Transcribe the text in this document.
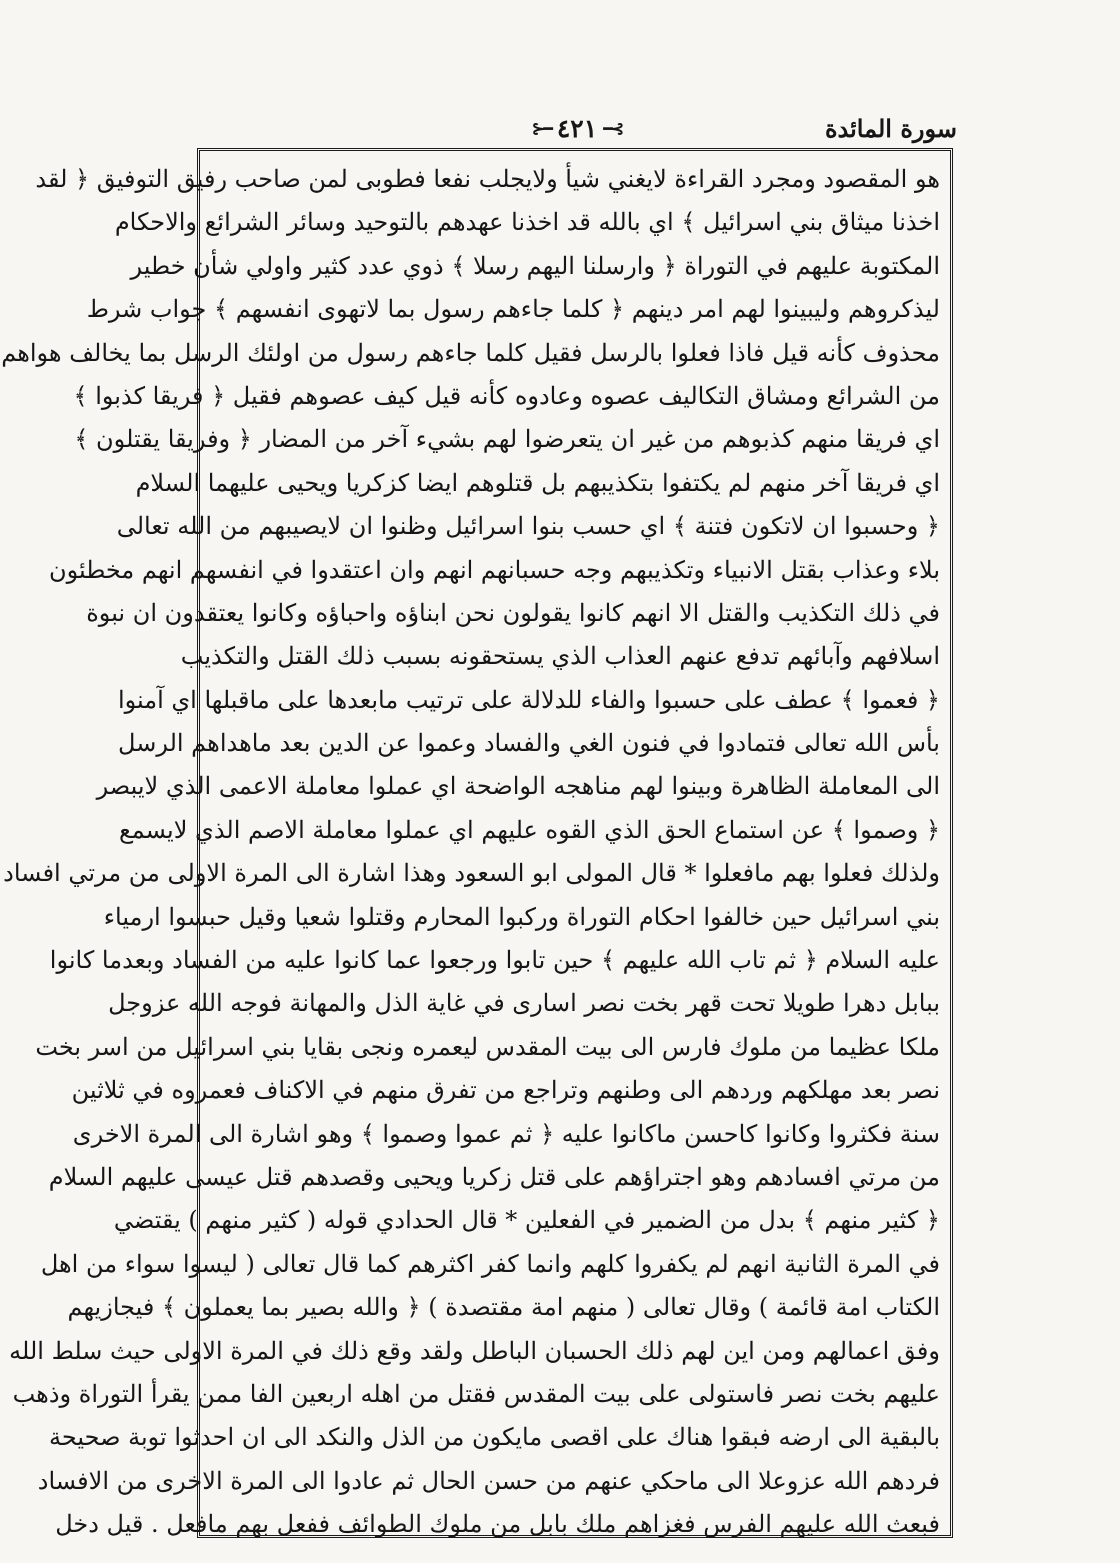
سورة المائدة
⊱━ ٤٢١ ━⊰
هو المقصود ومجرد القراءة لايغني شيأ ولايجلب نفعا فطوبى لمن صاحب رفيق التوفيق ﴿ لقد
اخذنا ميثاق بني اسرائيل ﴾ اي بالله قد اخذنا عهدهم بالتوحيد وسائر الشرائع والاحكام
المكتوبة عليهم في التوراة ﴿ وارسلنا اليهم رسلا ﴾ ذوي عدد كثير واولي شأن خطير
ليذكروهم وليبينوا لهم امر دينهم ﴿ كلما جاءهم رسول بما لاتهوى انفسهم ﴾ جواب شرط
محذوف كأنه قيل فاذا فعلوا بالرسل فقيل كلما جاءهم رسول من اولئك الرسل بما يخالف هواهم
من الشرائع ومشاق التكاليف عصوه وعادوه كأنه قيل كيف عصوهم فقيل ﴿ فريقا كذبوا ﴾
اي فريقا منهم كذبوهم من غير ان يتعرضوا لهم بشيء آخر من المضار ﴿ وفريقا يقتلون ﴾
اي فريقا آخر منهم لم يكتفوا بتكذيبهم بل قتلوهم ايضا كزكريا ويحيى عليهما السلام
﴿ وحسبوا ان لاتكون فتنة ﴾ اي حسب بنوا اسرائيل وظنوا ان لايصيبهم من الله تعالى
بلاء وعذاب بقتل الانبياء وتكذيبهم وجه حسبانهم انهم وان اعتقدوا في انفسهم انهم مخطئون
في ذلك التكذيب والقتل الا انهم كانوا يقولون نحن ابناؤه واحباؤه وكانوا يعتقدون ان نبوة
اسلافهم وآبائهم تدفع عنهم العذاب الذي يستحقونه بسبب ذلك القتل والتكذيب
﴿ فعموا ﴾ عطف على حسبوا والفاء للدلالة على ترتيب مابعدها على ماقبلها اي آمنوا
بأس الله تعالى فتمادوا في فنون الغي والفساد وعموا عن الدين بعد ماهداهم الرسل
الى المعاملة الظاهرة وبينوا لهم مناهجه الواضحة اي عملوا معاملة الاعمى الذي لايبصر
﴿ وصموا ﴾ عن استماع الحق الذي القوه عليهم اي عملوا معاملة الاصم الذي لايسمع
ولذلك فعلوا بهم مافعلوا * قال المولى ابو السعود وهذا اشارة الى المرة الاولى من مرتي افساد
بني اسرائيل حين خالفوا احكام التوراة وركبوا المحارم وقتلوا شعيا وقيل حبسوا ارمياء
عليه السلام ﴿ ثم تاب الله عليهم ﴾ حين تابوا ورجعوا عما كانوا عليه من الفساد وبعدما كانوا
ببابل دهرا طويلا تحت قهر بخت نصر اسارى في غاية الذل والمهانة فوجه الله عزوجل
ملكا عظيما من ملوك فارس الى بيت المقدس ليعمره ونجى بقايا بني اسرائيل من اسر بخت
نصر بعد مهلكهم وردهم الى وطنهم وتراجع من تفرق منهم في الاكناف فعمروه في ثلاثين
سنة فكثروا وكانوا كاحسن ماكانوا عليه ﴿ ثم عموا وصموا ﴾ وهو اشارة الى المرة الاخرى
من مرتي افسادهم وهو اجتراؤهم على قتل زكريا ويحيى وقصدهم قتل عيسى عليهم السلام
﴿ كثير منهم ﴾ بدل من الضمير في الفعلين * قال الحدادي قوله ( كثير منهم ) يقتضي
في المرة الثانية انهم لم يكفروا كلهم وانما كفر اكثرهم كما قال تعالى ( ليسوا سواء من اهل
الكتاب امة قائمة ) وقال تعالى ( منهم امة مقتصدة ) ﴿ والله بصير بما يعملون ﴾ فيجازيهم
وفق اعمالهم ومن اين لهم ذلك الحسبان الباطل ولقد وقع ذلك في المرة الاولى حيث سلط الله
عليهم بخت نصر فاستولى على بيت المقدس فقتل من اهله اربعين الفا ممن يقرأ التوراة وذهب
بالبقية الى ارضه فبقوا هناك على اقصى مايكون من الذل والنكد الى ان احدثوا توبة صحيحة
فردهم الله عزوعلا الى ماحكي عنهم من حسن الحال ثم عادوا الى المرة الاخرى من الافساد
فبعث الله عليهم الفرس فغزاهم ملك بابل من ملوك الطوائف ففعل بهم مافعل . قيل دخل
